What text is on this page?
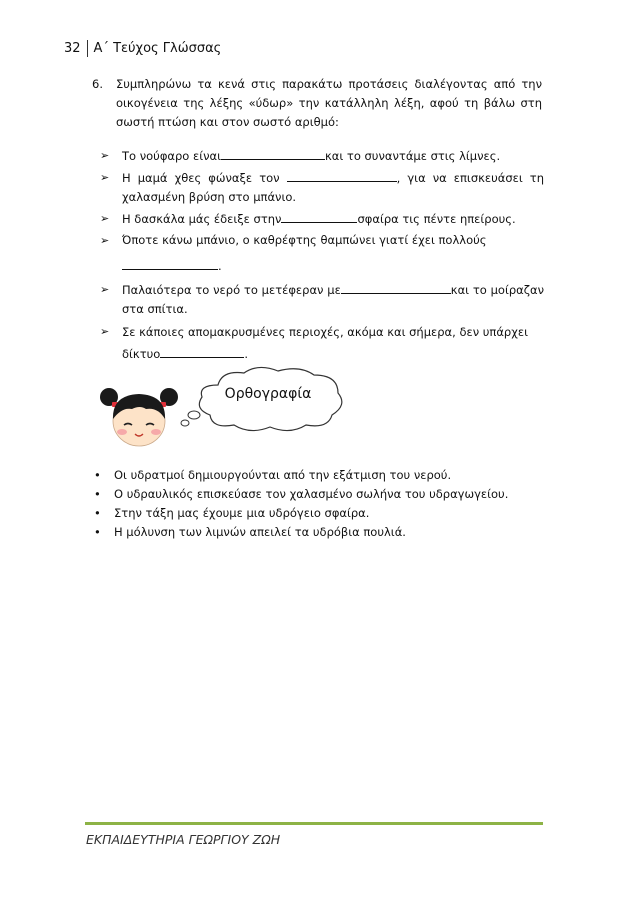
32	Α΄ Τεύχος Γλώσσας
6. Συμπληρώνω τα κενά στις παρακάτω προτάσεις διαλέγοντας από την οικογένεια της λέξης «ύδωρ» την κατάλληλη λέξη, αφού τη βάλω στη σωστή πτώση και στον σωστό αριθμό:
➢ Το νούφαρο είναι	και το συναντάμε στις λίμνες.
➢ Η μαμά χθες φώναξε τον	, για να επισκευάσει τη χαλασμένη βρύση στο μπάνιο.
➢ Η δασκάλα μάς έδειξε στην	σφαίρα τις πέντε ηπείρους.
➢ Όποτε κάνω μπάνιο, ο καθρέφτης θαμπώνει γιατί έχει πολλούς
.
➢ Παλαιότερα το νερό το μετέφεραν με	και το μοίραζαν στα σπίτια.
➢ Σε κάποιες απομακρυσμένες περιοχές, ακόμα και σήμερα, δεν υπάρχει δίκτυο	.
Ορθογραφία
• Οι υδρατμοί δημιουργούνται από την εξάτμιση του νερού.
• Ο υδραυλικός επισκεύασε τον χαλασμένο σωλήνα του υδραγωγείου.
• Στην τάξη μας έχουμε μια υδρόγειο σφαίρα.
• Η μόλυνση των λιμνών απειλεί τα υδρόβια πουλιά.
ΕΚΠΑΙΔΕΥΤΗΡΙΑ ΓΕΩΡΓΙΟΥ ΖΩΗ
